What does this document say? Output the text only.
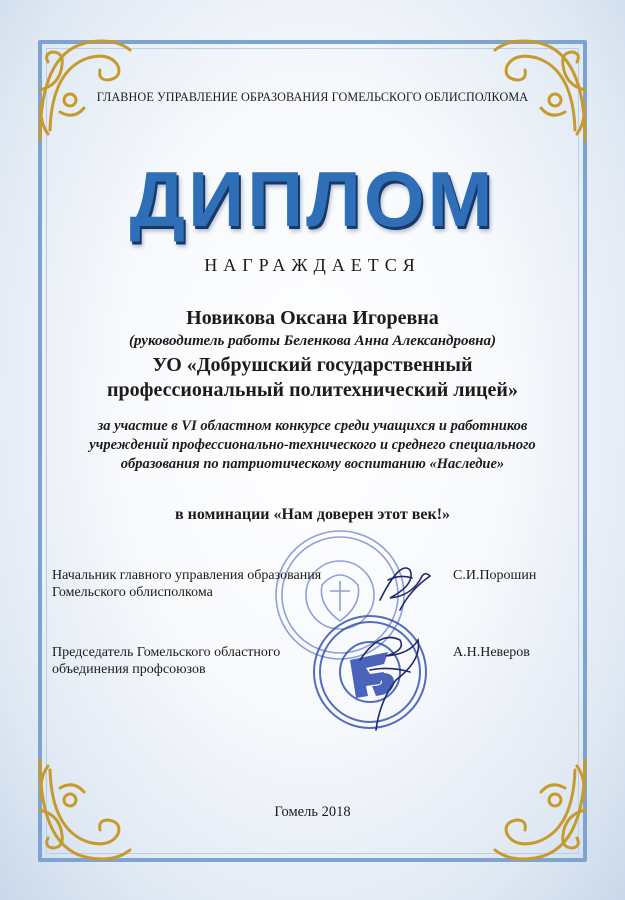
ГЛАВНОЕ УПРАВЛЕНИЕ ОБРАЗОВАНИЯ ГОМЕЛЬСКОГО ОБЛИСПОЛКОМА
ДИПЛОМ
НАГРАЖДАЕТСЯ
Новикова Оксана Игоревна
(руководитель работы Беленкова Анна Александровна)
УО «Добрушский государственный
профессиональный политехнический лицей»
за участие в VI областном конкурсе среди учащихся и работников
учреждений профессионально-технического и среднего специального
образования по патриотическому воспитанию «Наследие»
в номинации «Нам доверен этот век!»
Начальник главного управления образования
Гомельского облисполкома
С.И.Порошин
Председатель Гомельского областного
объединения профсоюзов
А.Н.Неверов
Гомель 2018
